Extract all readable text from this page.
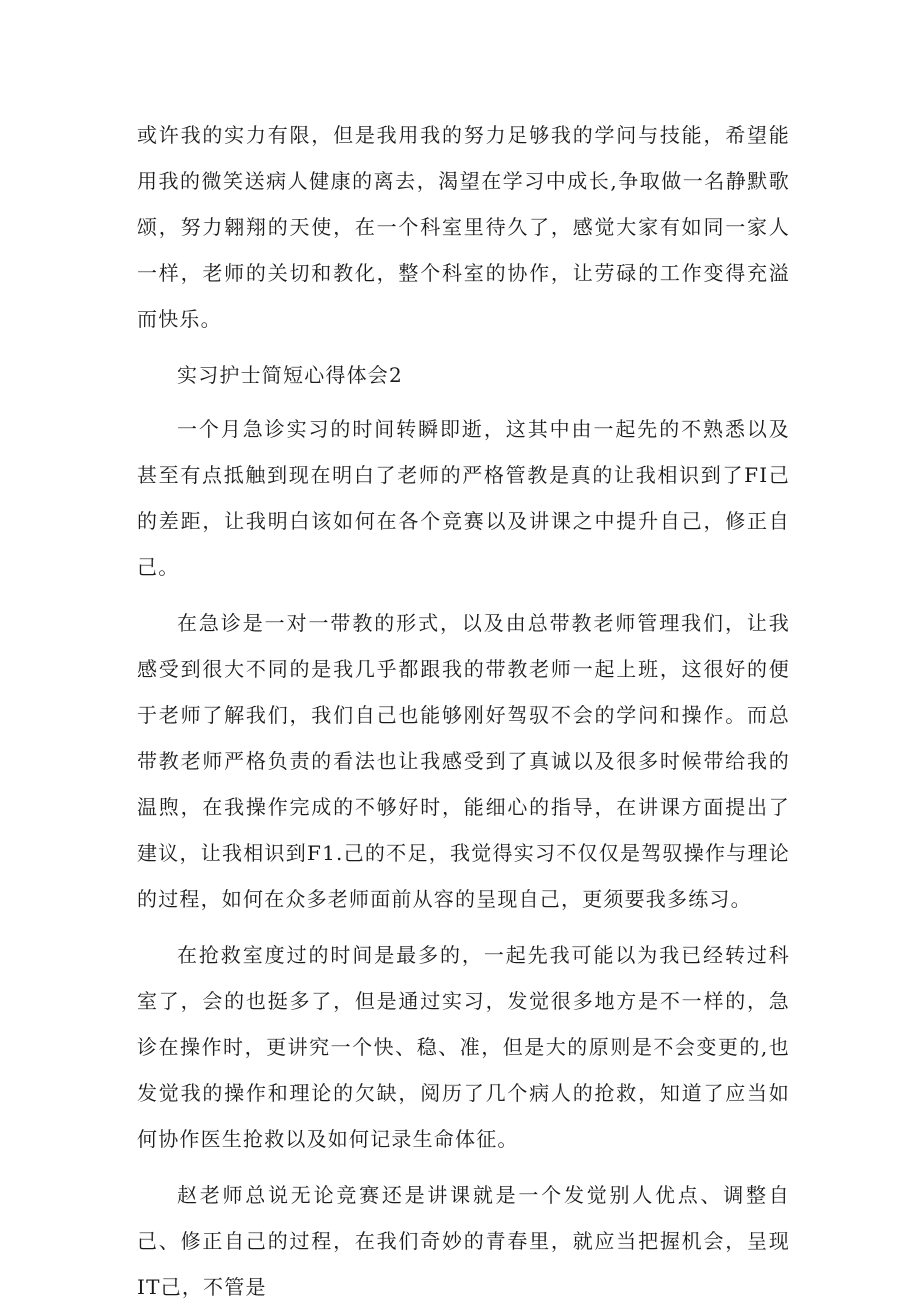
或许我的实力有限，但是我用我的努力足够我的学问与技能，希望能用我的微笑送病人健康的离去，渴望在学习中成长,争取做一名静默歌颂，努力翱翔的天使，在一个科室里待久了，感觉大家有如同一家人一样，老师的关切和教化，整个科室的协作，让劳碌的工作变得充溢而快乐。

实习护士简短心得体会2

一个月急诊实习的时间转瞬即逝，这其中由一起先的不熟悉以及甚至有点抵触到现在明白了老师的严格管教是真的让我相识到了FI己的差距，让我明白该如何在各个竞赛以及讲课之中提升自己，修正自己。

在急诊是一对一带教的形式，以及由总带教老师管理我们，让我感受到很大不同的是我几乎都跟我的带教老师一起上班，这很好的便于老师了解我们，我们自己也能够刚好驾驭不会的学问和操作。而总带教老师严格负责的看法也让我感受到了真诚以及很多时候带给我的温煦，在我操作完成的不够好时，能细心的指导，在讲课方面提出了建议，让我相识到F1.己的不足，我觉得实习不仅仅是驾驭操作与理论的过程，如何在众多老师面前从容的呈现自己，更须要我多练习。

在抢救室度过的时间是最多的，一起先我可能以为我已经转过科室了，会的也挺多了，但是通过实习，发觉很多地方是不一样的，急诊在操作时，更讲究一个快、稳、准，但是大的原则是不会变更的,也发觉我的操作和理论的欠缺，阅历了几个病人的抢救，知道了应当如何协作医生抢救以及如何记录生命体征。

赵老师总说无论竞赛还是讲课就是一个发觉别人优点、调整自己、修正自己的过程，在我们奇妙的青春里，就应当把握机会，呈现IT己，不管是
